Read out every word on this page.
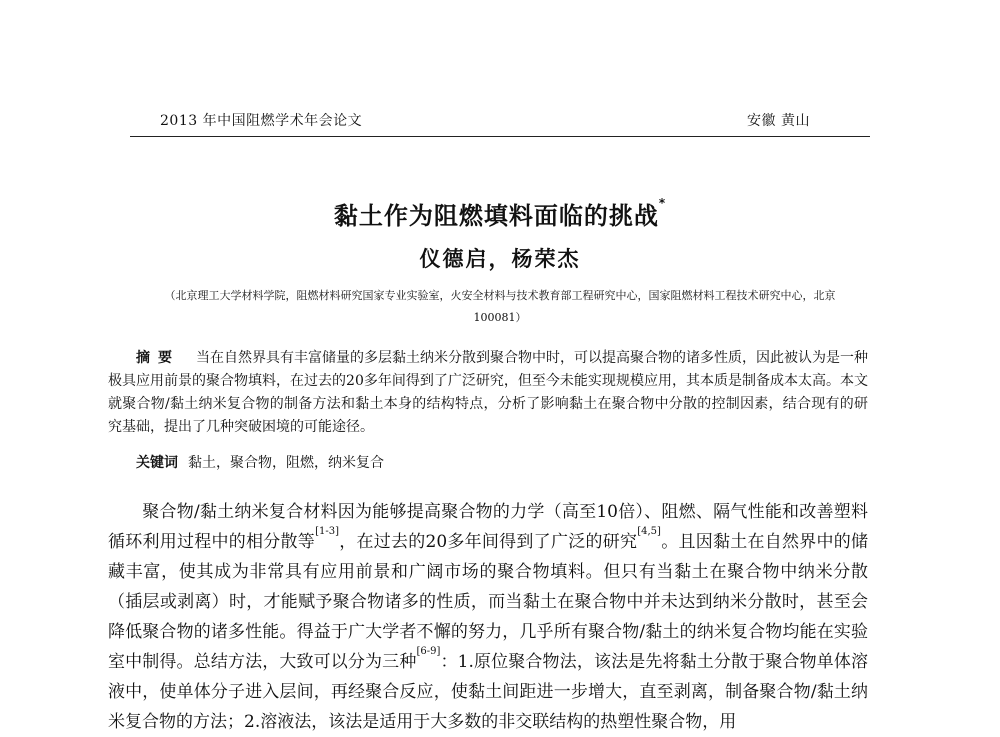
2013 年中国阻燃学术年会论文	安徽 黄山
黏土作为阻燃填料面临的挑战*
仪德启，杨荣杰
（北京理工大学材料学院，阻燃材料研究国家专业实验室，火安全材料与技术教育部工程研究中心，国家阻燃材料工程技术研究中心，北京 100081）
摘要 当在自然界具有丰富储量的多层黏土纳米分散到聚合物中时，可以提高聚合物的诸多性质，因此被认为是一种极具应用前景的聚合物填料，在过去的20多年间得到了广泛研究，但至今未能实现规模应用，其本质是制备成本太高。本文就聚合物/黏土纳米复合物的制备方法和黏土本身的结构特点，分析了影响黏土在聚合物中分散的控制因素，结合现有的研究基础，提出了几种突破困境的可能途径。
关键词 黏土，聚合物，阻燃，纳米复合
聚合物/黏土纳米复合材料因为能够提高聚合物的力学（高至10倍）、阻燃、隔气性能和改善塑料循环利用过程中的相分散等[1-3]，在过去的20多年间得到了广泛的研究[4,5]。且因黏土在自然界中的储藏丰富，使其成为非常具有应用前景和广阔市场的聚合物填料。但只有当黏土在聚合物中纳米分散（插层或剥离）时，才能赋予聚合物诸多的性质，而当黏土在聚合物中并未达到纳米分散时，甚至会降低聚合物的诸多性能。得益于广大学者不懈的努力，几乎所有聚合物/黏土的纳米复合物均能在实验室中制得。总结方法，大致可以分为三种[6-9]：1.原位聚合物法，该法是先将黏土分散于聚合物单体溶液中，使单体分子进入层间，再经聚合反应，使黏土间距进一步增大，直至剥离，制备聚合物/黏土纳米复合物的方法；2.溶液法，该法是适用于大多数的非交联结构的热塑性聚合物，用
